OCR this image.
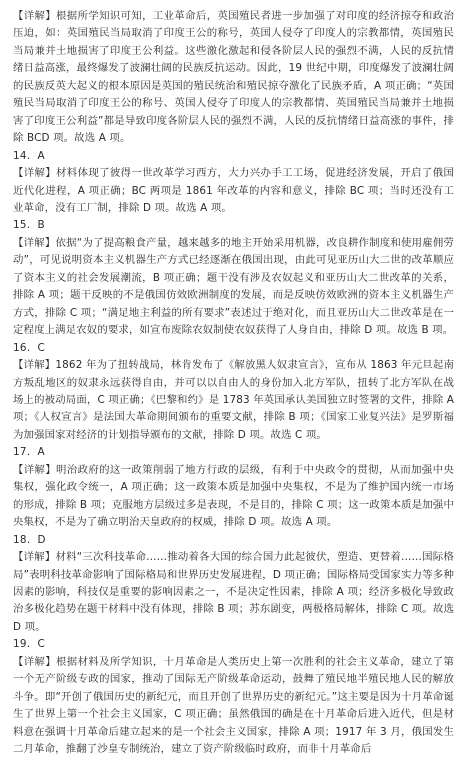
【详解】根据所学知识可知，工业革命后，英国殖民者进一步加强了对印度的经济掠夺和政治压迫，如：英国殖民当局取消了印度王公的称号，英国人侵夺了印度人的宗教都情，英国殖民当局兼并土地损害了印度王公利益。这些激化激起和侵各阶层人民的强烈不满，人民的反抗情绪日益高涨，最终爆发了波澜壮阔的民族反抗运动。因此，19 世纪中期，印度爆发了波澜壮阔的民族反英大起义的根本原因是英国的殖民统治和殖民掠夺激化了民族矛盾，A 项正确；“英国殖民当局取消了印度王公的称号、英国人侵夺了印度人的宗教都情、英国殖民当局兼并土地损害了印度王公利益”都是导致印度各阶层人民的强烈不满，人民的反抗情绪日益高涨的事件，排除 BCD 项。故选 A 项。

14．A

【详解】材料体现了彼得一世改革学习西方，大力兴办手工工场，促进经济发展，开启了俄国近代化进程，A 项正确；BC 两项是 1861 年改革的内容和意义，排除 BC 项；当时还没有工业革命，没有工厂制，排除 D 项。故选 A 项。

15．B

【详解】依据“为了提高粮食产量，越来越多的地主开始采用机器，改良耕作制度和使用雇佣劳动”，可见说明资本主义机器生产方式已经逐渐在俄国出现，由此可见亚历山大二世的改革顺应了资本主义的社会发展潮流，B 项正确；题干没有涉及农奴起义和亚历山大二世改革的关系，排除 A 项；题干反映的不是俄国仿效欧洲制度的发展，而是反映仿效欧洲的资本主义机器生产方式，排除 C 项；“满足地主利益的所有要求”表述过于绝对化，而且亚历山大二世改革是在一定程度上满足农奴的要求，如宣布废除农奴制使农奴获得了人身自由，排除 D 项。故选 B 项。

16．C

【详解】1862 年为了扭转战局，林肯发布了《解放黑人奴隶宣言》，宣布从 1863 年元旦起南方叛乱地区的奴隶永远获得自由，并可以以自由人的身份加入北方军队，扭转了北方军队在战场上的被动局面，C 项正确；《巴黎和约》是 1783 年英国承认美国独立时签署的文件，排除 A 项；《人权宣言》是法国大革命期间颁布的重要文献，排除 B 项；《国家工业复兴法》是罗斯福为加强国家对经济的计划指导颁布的文献，排除 D 项。故选 C 项。

17．A

【详解】明治政府的这一政策削弱了地方行政的层级，有利于中央政令的贯彻，从而加强中央集权，强化政令统一，A 项正确；这一政策本质是加强中央集权，不是为了维护国内统一市场的形成，排除 B 项；克服地方层级过多是表现，不是目的，排除 C 项；这一政策本质是加强中央集权，不是为了确立明治天皇政府的权威，排除 D 项。故选 A 项。

18．D

【详解】材料“三次科技革命……推动着各大国的综合国力此起彼伏，塑造、更替着……国际格局”表明科技革命影响了国际格局和世界历史发展进程，D 项正确；国际格局受国家实力等多种因素的影响，科技仅是重要的影响因素之一，不是决定性因素，排除 A 项；经济多极化导致政治多极化趋势在题干材料中没有体现，排除 B 项；苏东剧变，两极格局解体，排除 C 项。故选 D 项。

19．C

【详解】根据材料及所学知识，十月革命是人类历史上第一次胜利的社会主义革命，建立了第一个无产阶级专政的国家，推动了国际无产阶级革命运动，鼓舞了殖民地半殖民地人民的解放斗争。即“开创了俄国历史的新纪元，而且开创了世界历史的新纪元。”这主要是因为十月革命诞生了世界上第一个社会主义国家，C 项正确；虽然俄国的确是在十月革命后进入近代，但是材料意在强调十月革命后建立起来的是一个社会主义国家，排除 A 项；1917 年 3 月，俄国发生二月革命，推翻了沙皇专制统治，建立了资产阶级临时政府，而非十月革命后
